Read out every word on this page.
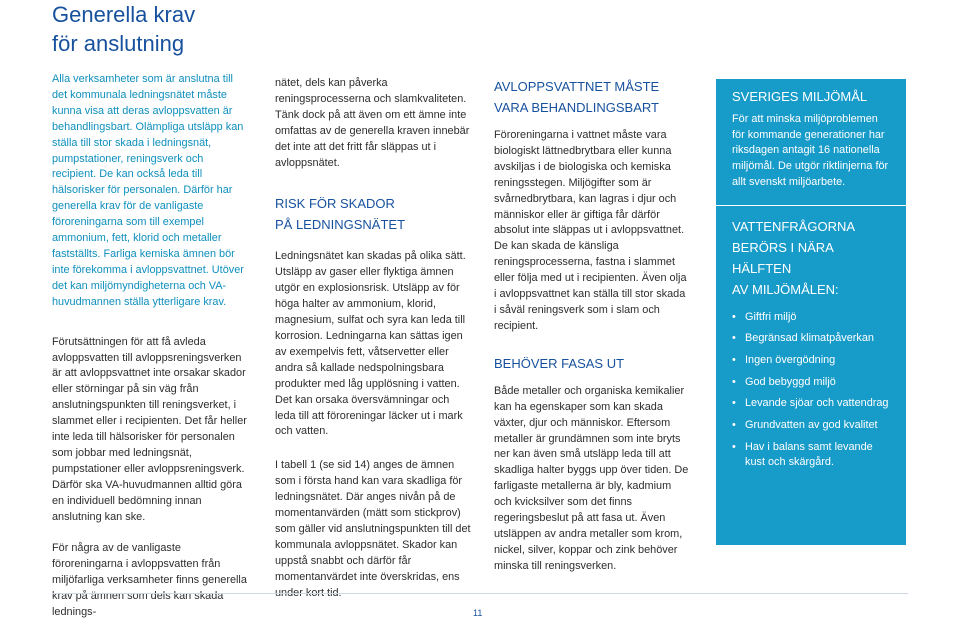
Generella krav
för anslutning

Alla verksamheter som är anslutna till det kommunala ledningsnätet måste kunna visa att deras avloppsvatten är behandlingsbart. Olämpliga utsläpp kan ställa till stor skada i ledningsnät, pumpstationer, reningsverk och recipient. De kan också leda till hälsorisker för personalen. Därför har generella krav för de vanligaste föroreningarna som till exempel ammonium, fett, klorid och metaller fastställts. Farliga kemiska ämnen bör inte förekomma i avloppsvattnet. Utöver det kan miljömyndigheterna och VA-huvudmannen ställa ytterligare krav.

Förutsättningen för att få avleda avloppsvatten till avloppsreningsverken är att avloppsvattnet inte orsakar skador eller störningar på sin väg från anslutningspunkten till reningsverket, i slammet eller i recipienten. Det får heller inte leda till hälsorisker för personalen som jobbar med ledningsnät, pumpstationer eller avloppsreningsverk. Därför ska VA-huvudmannen alltid göra en individuell bedömning innan anslutning kan ske.

För några av de vanligaste föroreningarna i avloppsvatten från miljöfarliga verksamheter finns generella krav på ämnen som dels kan skada lednings-

nätet, dels kan påverka reningsprocesserna och slamkvaliteten. Tänk dock på att även om ett ämne inte omfattas av de generella kraven innebär det inte att det fritt får släppas ut i avloppsnätet.

RISK FÖR SKADOR
PÅ LEDNINGSNÄTET

Ledningsnätet kan skadas på olika sätt. Utsläpp av gaser eller flyktiga ämnen utgör en explosionsrisk. Utsläpp av för höga halter av ammonium, klorid, magnesium, sulfat och syra kan leda till korrosion. Ledningarna kan sättas igen av exempelvis fett, våtservetter eller andra så kallade nedspolningsbara produkter med låg upplösning i vatten. Det kan orsaka översvämningar och leda till att föroreningar läcker ut i mark och vatten.

I tabell 1 (se sid 14) anges de ämnen som i första hand kan vara skadliga för ledningsnätet. Där anges nivån på de momentanvärden (mätt som stickprov) som gäller vid anslutningspunkten till det kommunala avloppsnätet. Skador kan uppstå snabbt och därför får momentanvärdet inte överskridas, ens under kort tid.

AVLOPPSVATTNET MÅSTE
VARA BEHANDLINGSBART

Föroreningarna i vattnet måste vara biologiskt lättnedbrytbara eller kunna avskiljas i de biologiska och kemiska reningsstegen. Miljögifter som är svårnedbrytbara, kan lagras i djur och människor eller är giftiga får därför absolut inte släppas ut i avloppsvattnet. De kan skada de känsliga reningsprocesserna, fastna i slammet eller följa med ut i recipienten. Även olja i avloppsvattnet kan ställa till stor skada i såväl reningsverk som i slam och recipient.

BEHÖVER FASAS UT

Både metaller och organiska kemikalier kan ha egenskaper som kan skada växter, djur och människor. Eftersom metaller är grundämnen som inte bryts ner kan även små utsläpp leda till att skadliga halter byggs upp över tiden. De farligaste metallerna är bly, kadmium och kvicksilver som det finns regeringsbeslut på att fasa ut. Även utsläppen av andra metaller som krom, nickel, silver, koppar och zink behöver minska till reningsverken.

SVERIGES MILJÖMÅL
För att minska miljöproblemen för kommande generationer har riksdagen antagit 16 nationella miljömål. De utgör riktlinjerna för allt svenskt miljöarbete.
VATTENFRÅGORNA
BERÖRS I NÄRA HÄLFTEN
AV MILJÖMÅLEN:
• Giftfri miljö
• Begränsad klimatpåverkan
• Ingen övergödning
• God bebyggd miljö
• Levande sjöar och vattendrag
• Grundvatten av god kvalitet
• Hav i balans samt levande kust och skärgård.
11
